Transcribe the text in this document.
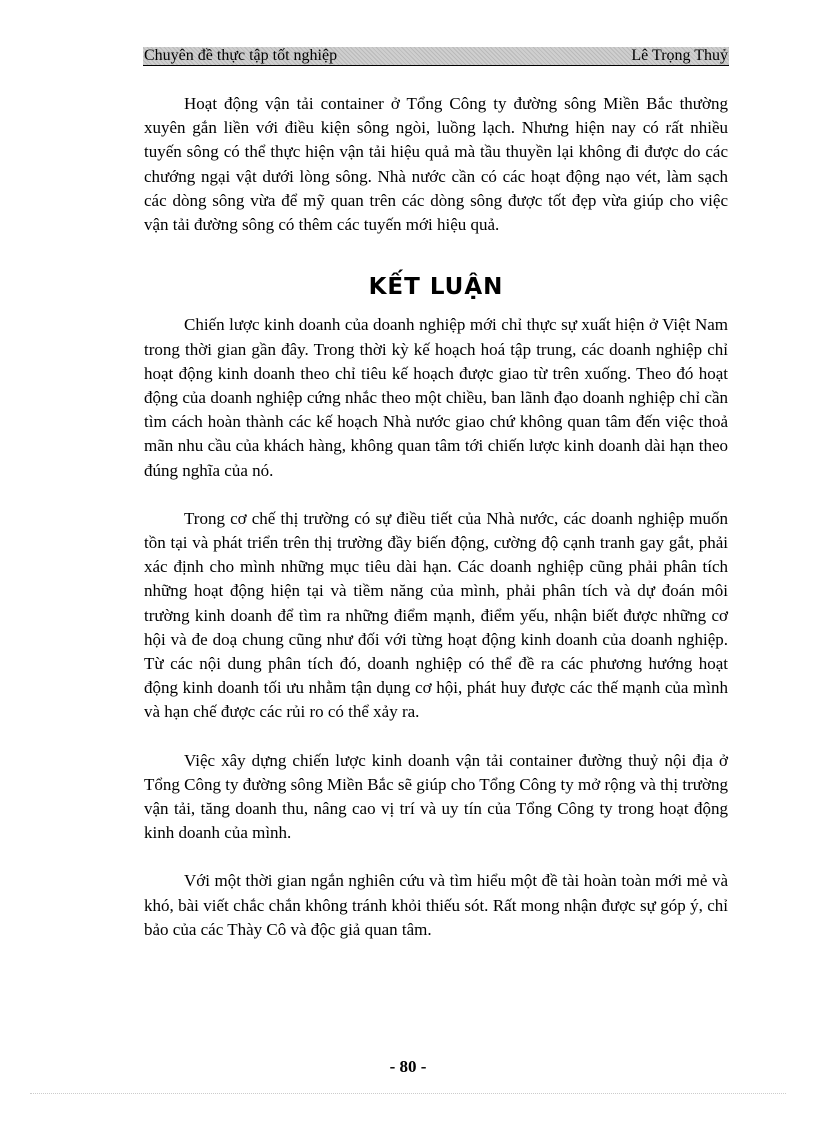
Chuyên đề thực tập tốt nghiệp	Lê Trọng Thuỷ

Hoạt động vận tải container ở Tổng Công ty đường sông Miền Bắc thường xuyên gắn liền với điều kiện sông ngòi, luồng lạch. Nhưng hiện nay có rất nhiều tuyến sông có thể thực hiện vận tải hiệu quả mà tầu thuyền lại không đi được do các chướng ngại vật dưới lòng sông. Nhà nước cần có các hoạt động nạo vét, làm sạch các dòng sông vừa để mỹ quan trên các dòng sông được tốt đẹp vừa giúp cho việc vận tải đường sông có thêm các tuyến mới hiệu quả.

KẾT LUẬN

Chiến lược kinh doanh của doanh nghiệp mới chỉ thực sự xuất hiện ở Việt Nam trong thời gian gần đây. Trong thời kỳ kế hoạch hoá tập trung, các doanh nghiệp chỉ hoạt động kinh doanh theo chỉ tiêu kế hoạch được giao từ trên xuống. Theo đó hoạt động của doanh nghiệp cứng nhắc theo một chiều, ban lãnh đạo doanh nghiệp chỉ cần tìm cách hoàn thành các kế hoạch Nhà nước giao chứ không quan tâm đến việc thoả mãn nhu cầu của khách hàng, không quan tâm tới chiến lược kinh doanh dài hạn theo đúng nghĩa của nó.

Trong cơ chế thị trường có sự điều tiết của Nhà nước, các doanh nghiệp muốn tồn tại và phát triển trên thị trường đầy biến động, cường độ cạnh tranh gay gắt, phải xác định cho mình những mục tiêu dài hạn. Các doanh nghiệp cũng phải phân tích những hoạt động hiện tại và tiềm năng của mình, phải phân tích và dự đoán môi trường kinh doanh để tìm ra những điểm mạnh, điểm yếu, nhận biết được những cơ hội và đe doạ chung cũng như đối với từng hoạt động kinh doanh của doanh nghiệp. Từ các nội dung phân tích đó, doanh nghiệp có thể đề ra các phương hướng hoạt động kinh doanh tối ưu nhằm tận dụng cơ hội, phát huy được các thế mạnh của mình và hạn chế được các rủi ro có thể xảy ra.

Việc xây dựng chiến lược kinh doanh vận tải container đường thuỷ nội địa ở Tổng Công ty đường sông Miền Bắc sẽ giúp cho Tổng Công ty mở rộng và thị trường vận tải, tăng doanh thu, nâng cao vị trí và uy tín của Tổng Công ty trong hoạt động kinh doanh của mình.

Với một thời gian ngắn nghiên cứu và tìm hiểu một đề tài hoàn toàn mới mẻ và khó, bài viết chắc chắn không tránh khỏi thiếu sót. Rất mong nhận được sự góp ý, chỉ bảo của các Thày Cô và độc giả quan tâm.

- 80 -
